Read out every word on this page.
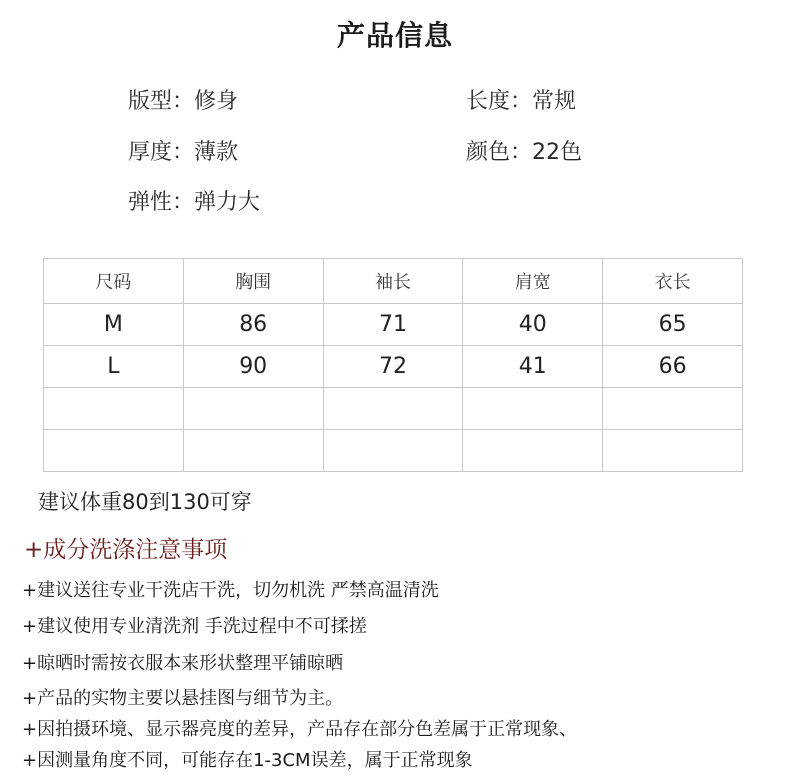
产品信息
版型：修身	长度：常规
厚度：薄款	颜色：22色
弹性：弹力大
尺码	胸围	袖长	肩宽	衣长
M	86	71	40	65
L	90	72	41	66

建议体重80到130可穿
+成分洗涤注意事项
+建议送往专业干洗店干洗，切勿机洗 严禁高温清洗
+建议使用专业清洗剂 手洗过程中不可揉搓
+晾晒时需按衣服本来形状整理平铺晾晒
+产品的实物主要以悬挂图与细节为主。
+因拍摄环境、显示器亮度的差异，产品存在部分色差属于正常现象、
+因测量角度不同，可能存在1-3CM误差，属于正常现象
